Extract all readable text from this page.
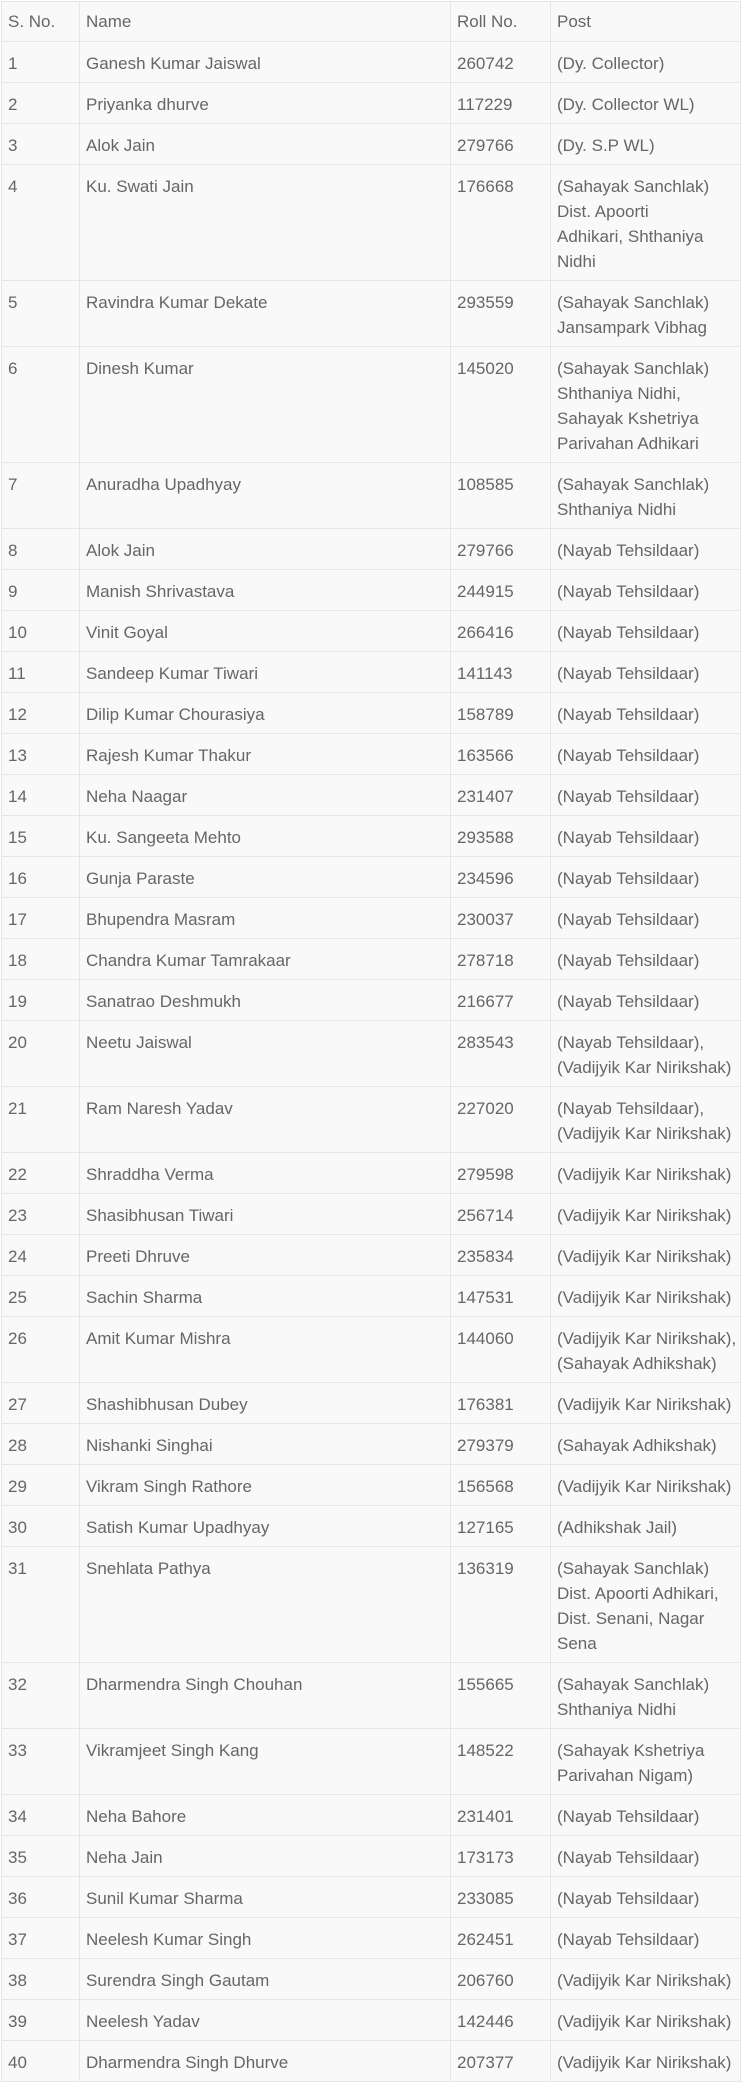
S. No.	Name	Roll No.	Post
1	Ganesh Kumar Jaiswal	260742	(Dy. Collector)
2	Priyanka dhurve	117229	(Dy. Collector WL)
3	Alok Jain	279766	(Dy. S.P WL)
4	Ku. Swati Jain	176668	(Sahayak Sanchlak)
Dist. Apoorti
Adhikari, Shthaniya Nidhi
5	Ravindra Kumar Dekate	293559	(Sahayak Sanchlak)
Jansampark Vibhag
6	Dinesh Kumar	145020	(Sahayak Sanchlak)
Shthaniya Nidhi,
Sahayak Kshetriya
Parivahan Adhikari
7	Anuradha Upadhyay	108585	(Sahayak Sanchlak)
Shthaniya Nidhi
8	Alok Jain	279766	(Nayab Tehsildaar)
9	Manish Shrivastava	244915	(Nayab Tehsildaar)
10	Vinit Goyal	266416	(Nayab Tehsildaar)
11	Sandeep Kumar Tiwari	141143	(Nayab Tehsildaar)
12	Dilip Kumar Chourasiya	158789	(Nayab Tehsildaar)
13	Rajesh Kumar Thakur	163566	(Nayab Tehsildaar)
14	Neha Naagar	231407	(Nayab Tehsildaar)
15	Ku. Sangeeta Mehto	293588	(Nayab Tehsildaar)
16	Gunja Paraste	234596	(Nayab Tehsildaar)
17	Bhupendra Masram	230037	(Nayab Tehsildaar)
18	Chandra Kumar Tamrakaar	278718	(Nayab Tehsildaar)
19	Sanatrao Deshmukh	216677	(Nayab Tehsildaar)
20	Neetu Jaiswal	283543	(Nayab Tehsildaar),
(Vadijyik Kar Nirikshak)
21	Ram Naresh Yadav	227020	(Nayab Tehsildaar),
(Vadijyik Kar Nirikshak)
22	Shraddha Verma	279598	(Vadijyik Kar Nirikshak)
23	Shasibhusan Tiwari	256714	(Vadijyik Kar Nirikshak)
24	Preeti Dhruve	235834	(Vadijyik Kar Nirikshak)
25	Sachin Sharma	147531	(Vadijyik Kar Nirikshak)
26	Amit Kumar Mishra	144060	(Vadijyik Kar Nirikshak),
(Sahayak Adhikshak)
27	Shashibhusan Dubey	176381	(Vadijyik Kar Nirikshak)
28	Nishanki Singhai	279379	(Sahayak Adhikshak)
29	Vikram Singh Rathore	156568	(Vadijyik Kar Nirikshak)
30	Satish Kumar Upadhyay	127165	(Adhikshak Jail)
31	Snehlata Pathya	136319	(Sahayak Sanchlak)
Dist. Apoorti Adhikari,
Dist. Senani, Nagar
Sena
32	Dharmendra Singh Chouhan	155665	(Sahayak Sanchlak)
Shthaniya Nidhi
33	Vikramjeet Singh Kang	148522	(Sahayak Kshetriya
Parivahan Nigam)
34	Neha Bahore	231401	(Nayab Tehsildaar)
35	Neha Jain	173173	(Nayab Tehsildaar)
36	Sunil Kumar Sharma	233085	(Nayab Tehsildaar)
37	Neelesh Kumar Singh	262451	(Nayab Tehsildaar)
38	Surendra Singh Gautam	206760	(Vadijyik Kar Nirikshak)
39	Neelesh Yadav	142446	(Vadijyik Kar Nirikshak)
40	Dharmendra Singh Dhurve	207377	(Vadijyik Kar Nirikshak)
